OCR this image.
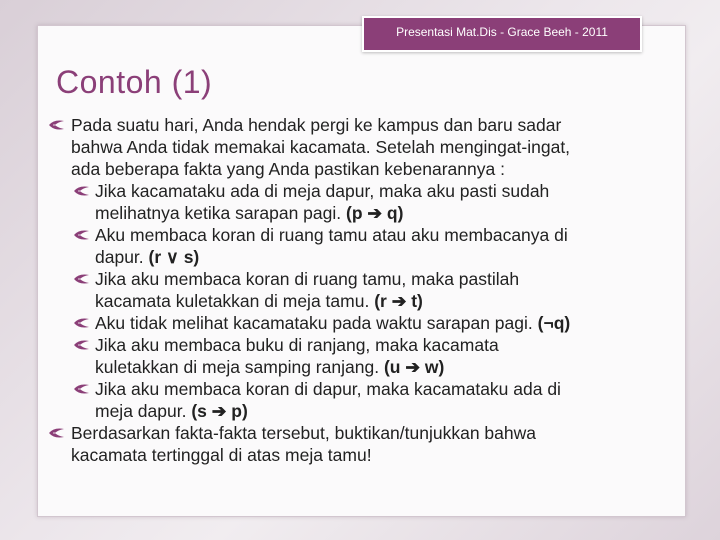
Presentasi Mat.Dis - Grace Beeh - 2011
Contoh (1)
Pada suatu hari, Anda hendak pergi ke kampus dan baru sadar
bahwa Anda tidak memakai kacamata. Setelah mengingat-ingat,
ada beberapa fakta yang Anda pastikan kebenarannya :
Jika kacamataku ada di meja dapur, maka aku pasti sudah
melihatnya ketika sarapan pagi. (p ➔ q)
Aku membaca koran di ruang tamu atau aku membacanya di
dapur. (r ∨ s)
Jika aku membaca koran di ruang tamu, maka pastilah
kacamata kuletakkan di meja tamu. (r ➔ t)
Aku tidak melihat kacamataku pada waktu sarapan pagi. (¬q)
Jika aku membaca buku di ranjang, maka kacamata
kuletakkan di meja samping ranjang. (u ➔ w)
Jika aku membaca koran di dapur, maka kacamataku ada di
meja dapur. (s ➔ p)
Berdasarkan fakta-fakta tersebut, buktikan/tunjukkan bahwa
kacamata tertinggal di atas meja tamu!
